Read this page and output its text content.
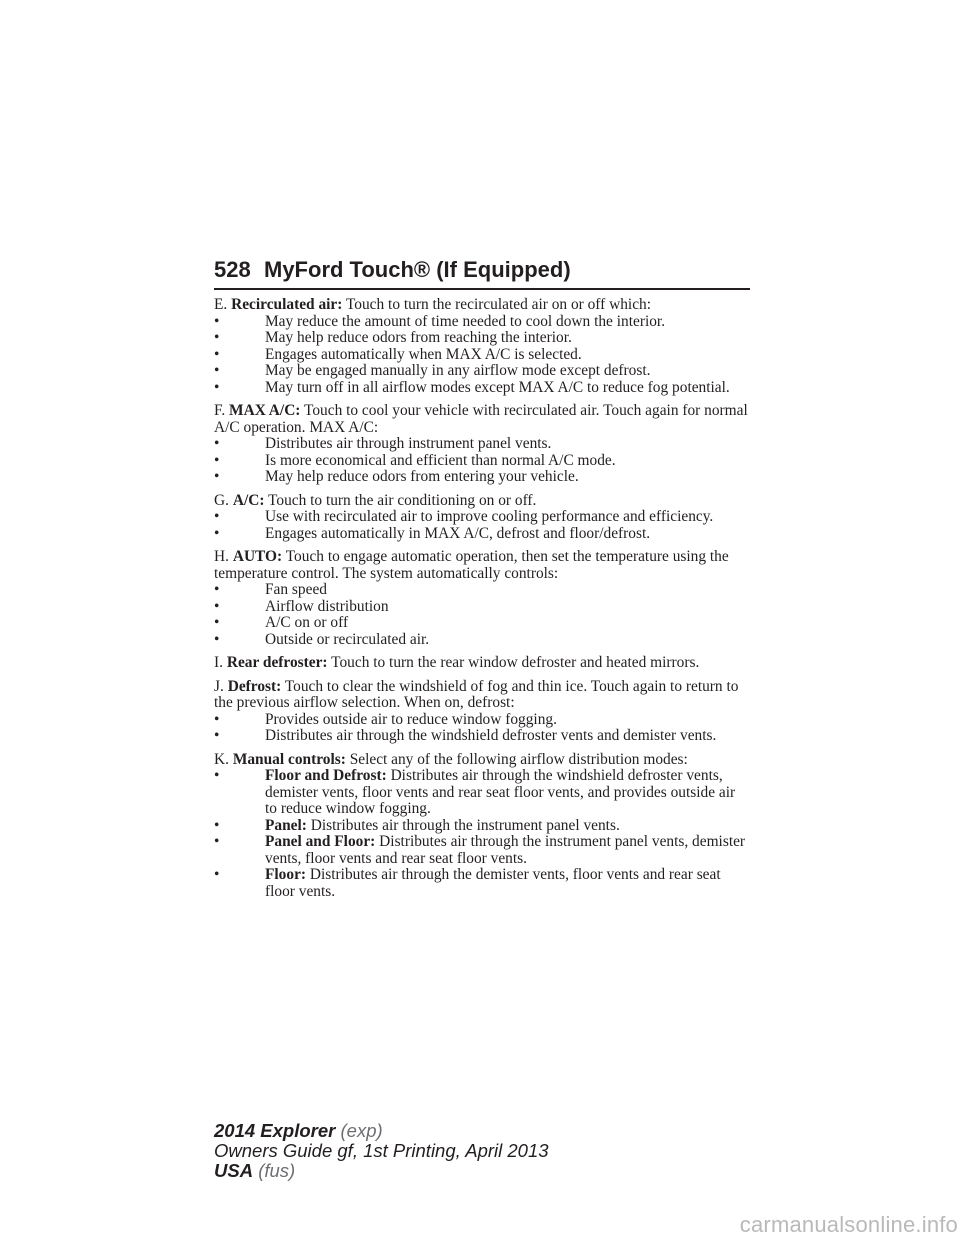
528 MyFord Touch® (If Equipped)
E. Recirculated air: Touch to turn the recirculated air on or off which:
•	May reduce the amount of time needed to cool down the interior.
•	May help reduce odors from reaching the interior.
•	Engages automatically when MAX A/C is selected.
•	May be engaged manually in any airflow mode except defrost.
•	May turn off in all airflow modes except MAX A/C to reduce fog potential.
F. MAX A/C: Touch to cool your vehicle with recirculated air. Touch again for normal A/C operation. MAX A/C:
•	Distributes air through instrument panel vents.
•	Is more economical and efficient than normal A/C mode.
•	May help reduce odors from entering your vehicle.
G. A/C: Touch to turn the air conditioning on or off.
•	Use with recirculated air to improve cooling performance and efficiency.
•	Engages automatically in MAX A/C, defrost and floor/defrost.
H. AUTO: Touch to engage automatic operation, then set the temperature using the temperature control. The system automatically controls:
•	Fan speed
•	Airflow distribution
•	A/C on or off
•	Outside or recirculated air.
I. Rear defroster: Touch to turn the rear window defroster and heated mirrors.
J. Defrost: Touch to clear the windshield of fog and thin ice. Touch again to return to the previous airflow selection. When on, defrost:
•	Provides outside air to reduce window fogging.
•	Distributes air through the windshield defroster vents and demister vents.
K. Manual controls: Select any of the following airflow distribution modes:
•	Floor and Defrost: Distributes air through the windshield defroster vents, demister vents, floor vents and rear seat floor vents, and provides outside air to reduce window fogging.
•	Panel: Distributes air through the instrument panel vents.
•	Panel and Floor: Distributes air through the instrument panel vents, demister vents, floor vents and rear seat floor vents.
•	Floor: Distributes air through the demister vents, floor vents and rear seat floor vents.
2014 Explorer (exp)
Owners Guide gf, 1st Printing, April 2013
USA (fus)
carmanualsonline.info
